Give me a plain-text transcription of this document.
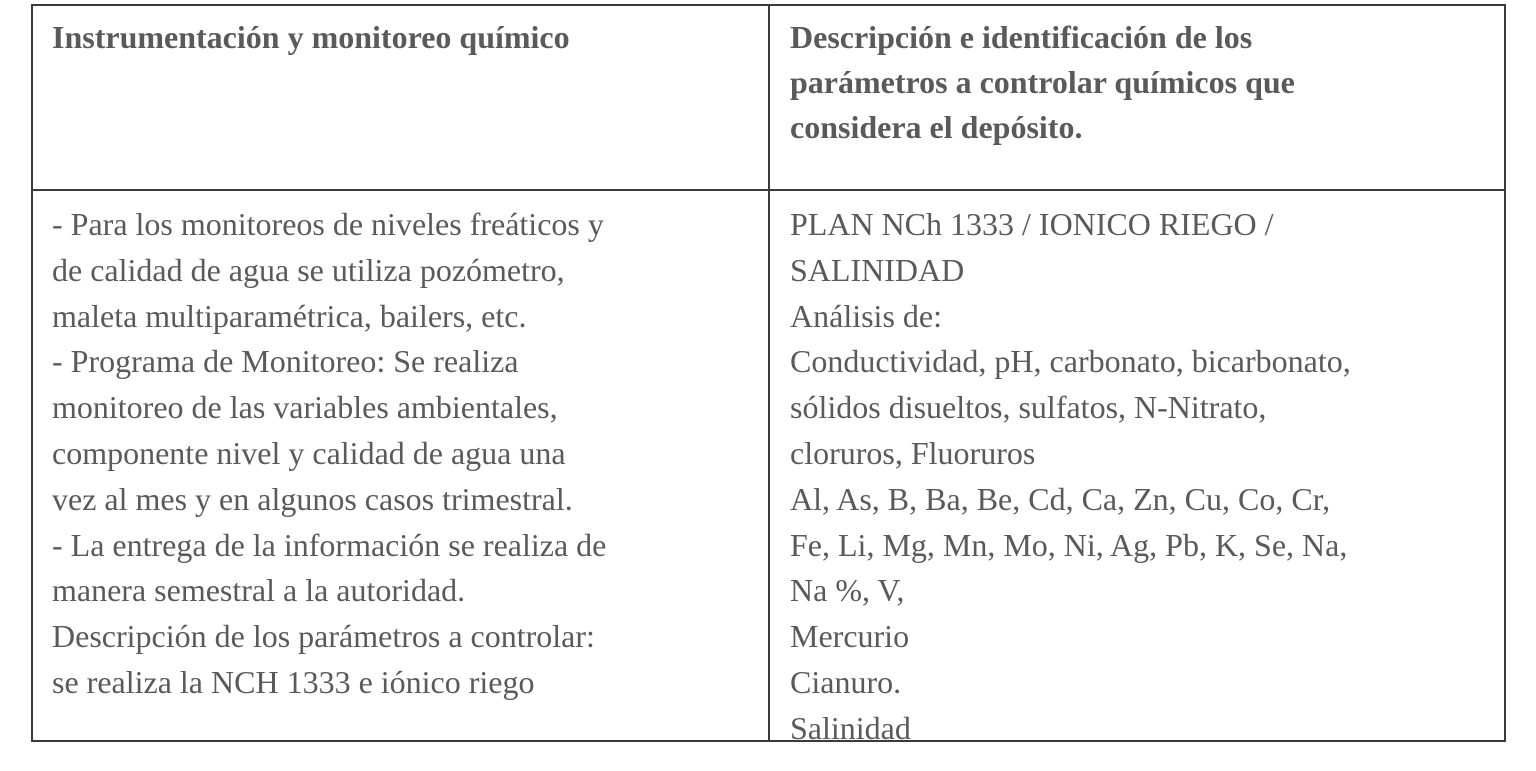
Instrumentación y monitoreo químico	Descripción e identificación de los
parámetros a controlar químicos que
considera el depósito.

- Para los monitoreos de niveles freáticos y
de calidad de agua se utiliza pozómetro,
maleta multiparamétrica, bailers, etc.
- Programa de Monitoreo: Se realiza
monitoreo de las variables ambientales,
componente nivel y calidad de agua una
vez al mes y en algunos casos trimestral.
- La entrega de la información se realiza de
manera semestral a la autoridad.
Descripción de los parámetros a controlar:
se realiza la NCH 1333 e iónico riego

PLAN NCh 1333 / IONICO RIEGO /
SALINIDAD
Análisis de:
Conductividad, pH, carbonato, bicarbonato,
sólidos disueltos, sulfatos, N-Nitrato,
cloruros, Fluoruros
Al, As, B, Ba, Be, Cd, Ca, Zn, Cu, Co, Cr,
Fe, Li, Mg, Mn, Mo, Ni, Ag, Pb, K, Se, Na,
Na %, V,
Mercurio
Cianuro.
Salinidad
